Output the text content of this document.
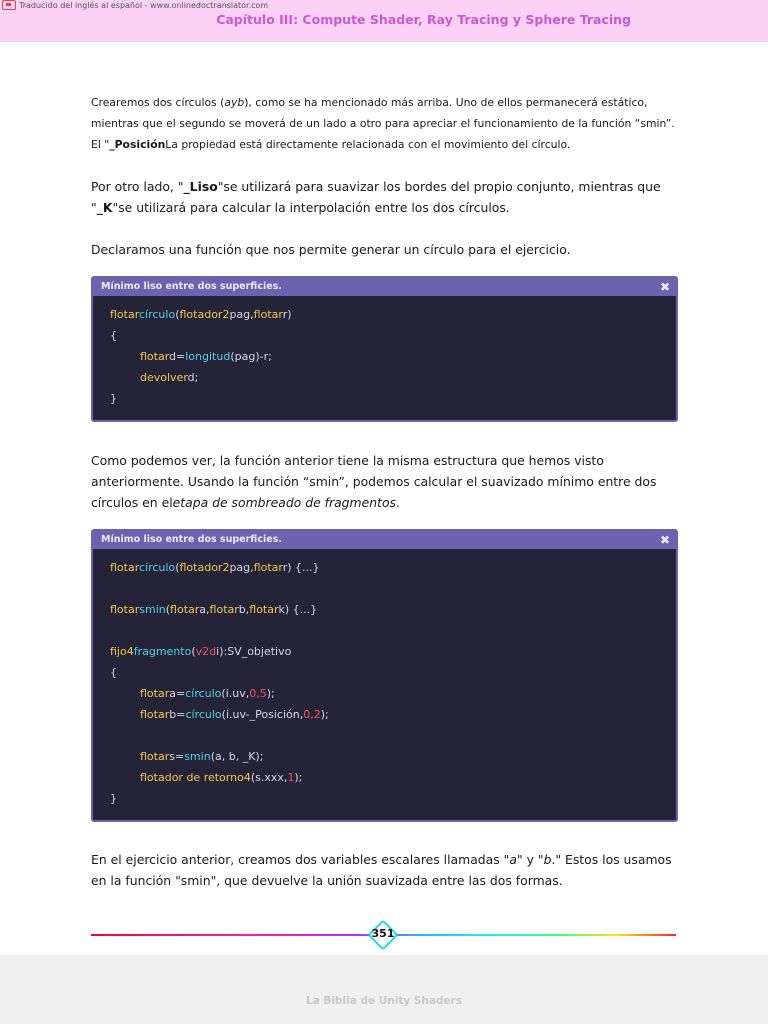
Traducido del inglés al español - www.onlinedoctranslator.com
Capítulo III: Compute Shader, Ray Tracing y Sphere Tracing

Crearemos dos círculos (ayb), como se ha mencionado más arriba. Uno de ellos permanecerá estático, mientras que el segundo se moverá de un lado a otro para apreciar el funcionamiento de la función “smin”. El "_PosiciónLa propiedad está directamente relacionada con el movimiento del círculo.

Por otro lado, "_Liso"se utilizará para suavizar los bordes del propio conjunto, mientras que "_K"se utilizará para calcular la interpolación entre los dos círculos.

Declaramos una función que nos permite generar un círculo para el ejercicio.

Mínimo liso entre dos superficies.	✖
flotarcírculo(flotador2pag,flotarr)
{
flotard=longitud(pag)-r;
devolverd;
}

Como podemos ver, la función anterior tiene la misma estructura que hemos visto anteriormente. Usando la función “smin”, podemos calcular el suavizado mínimo entre dos círculos en eletapa de sombreado de fragmentos.

Mínimo liso entre dos superficies.	✖
flotarcírculo(flotador2pag,flotarr) {...}
flotarsmin(flotara,flotarb,flotark) {...}
fijo4fragmento(v2di):SV_objetivo
{
flotara=círculo(i.uv,0,5);
flotarb=círculo(i.uv-_Posición,0,2);
flotars=smin(a, b, _K);
flotador de retorno4(s.xxx,1);
}

En el ejercicio anterior, creamos dos variables escalares llamadas "a" y "b." Estos los usamos en la función "smin", que devuelve la unión suavizada entre las dos formas.

351
La Biblia de Unity Shaders
